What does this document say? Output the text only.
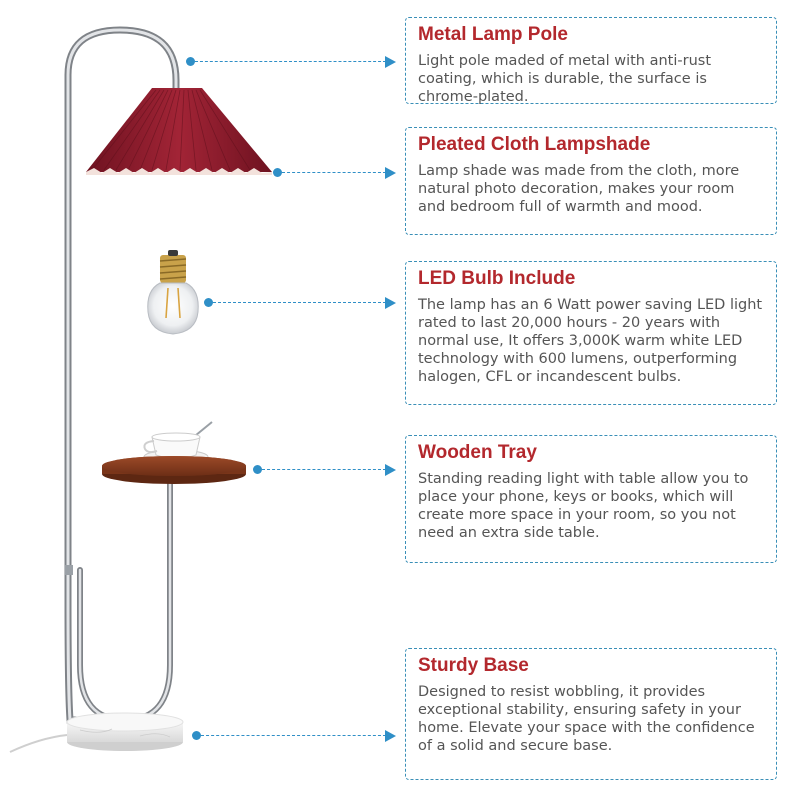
Metal Lamp Pole

Light pole maded of metal with anti-rust coating, which is durable, the surface is chrome-plated.

Pleated Cloth Lampshade

Lamp shade was made from the cloth, more natural photo decoration, makes your room and bedroom full of warmth and mood.

LED Bulb Include

The lamp has an 6 Watt power saving LED light rated to last 20,000 hours - 20 years with normal use, It offers 3,000K warm white LED technology with 600 lumens, outperforming halogen, CFL or incandescent bulbs.

Wooden Tray

Standing reading light with table allow you to place your phone, keys or books, which will create more space in your room, so you not need an extra side table.

Sturdy Base

Designed to resist wobbling, it provides exceptional stability, ensuring safety in your home. Elevate your space with the confidence of a solid and secure base.
